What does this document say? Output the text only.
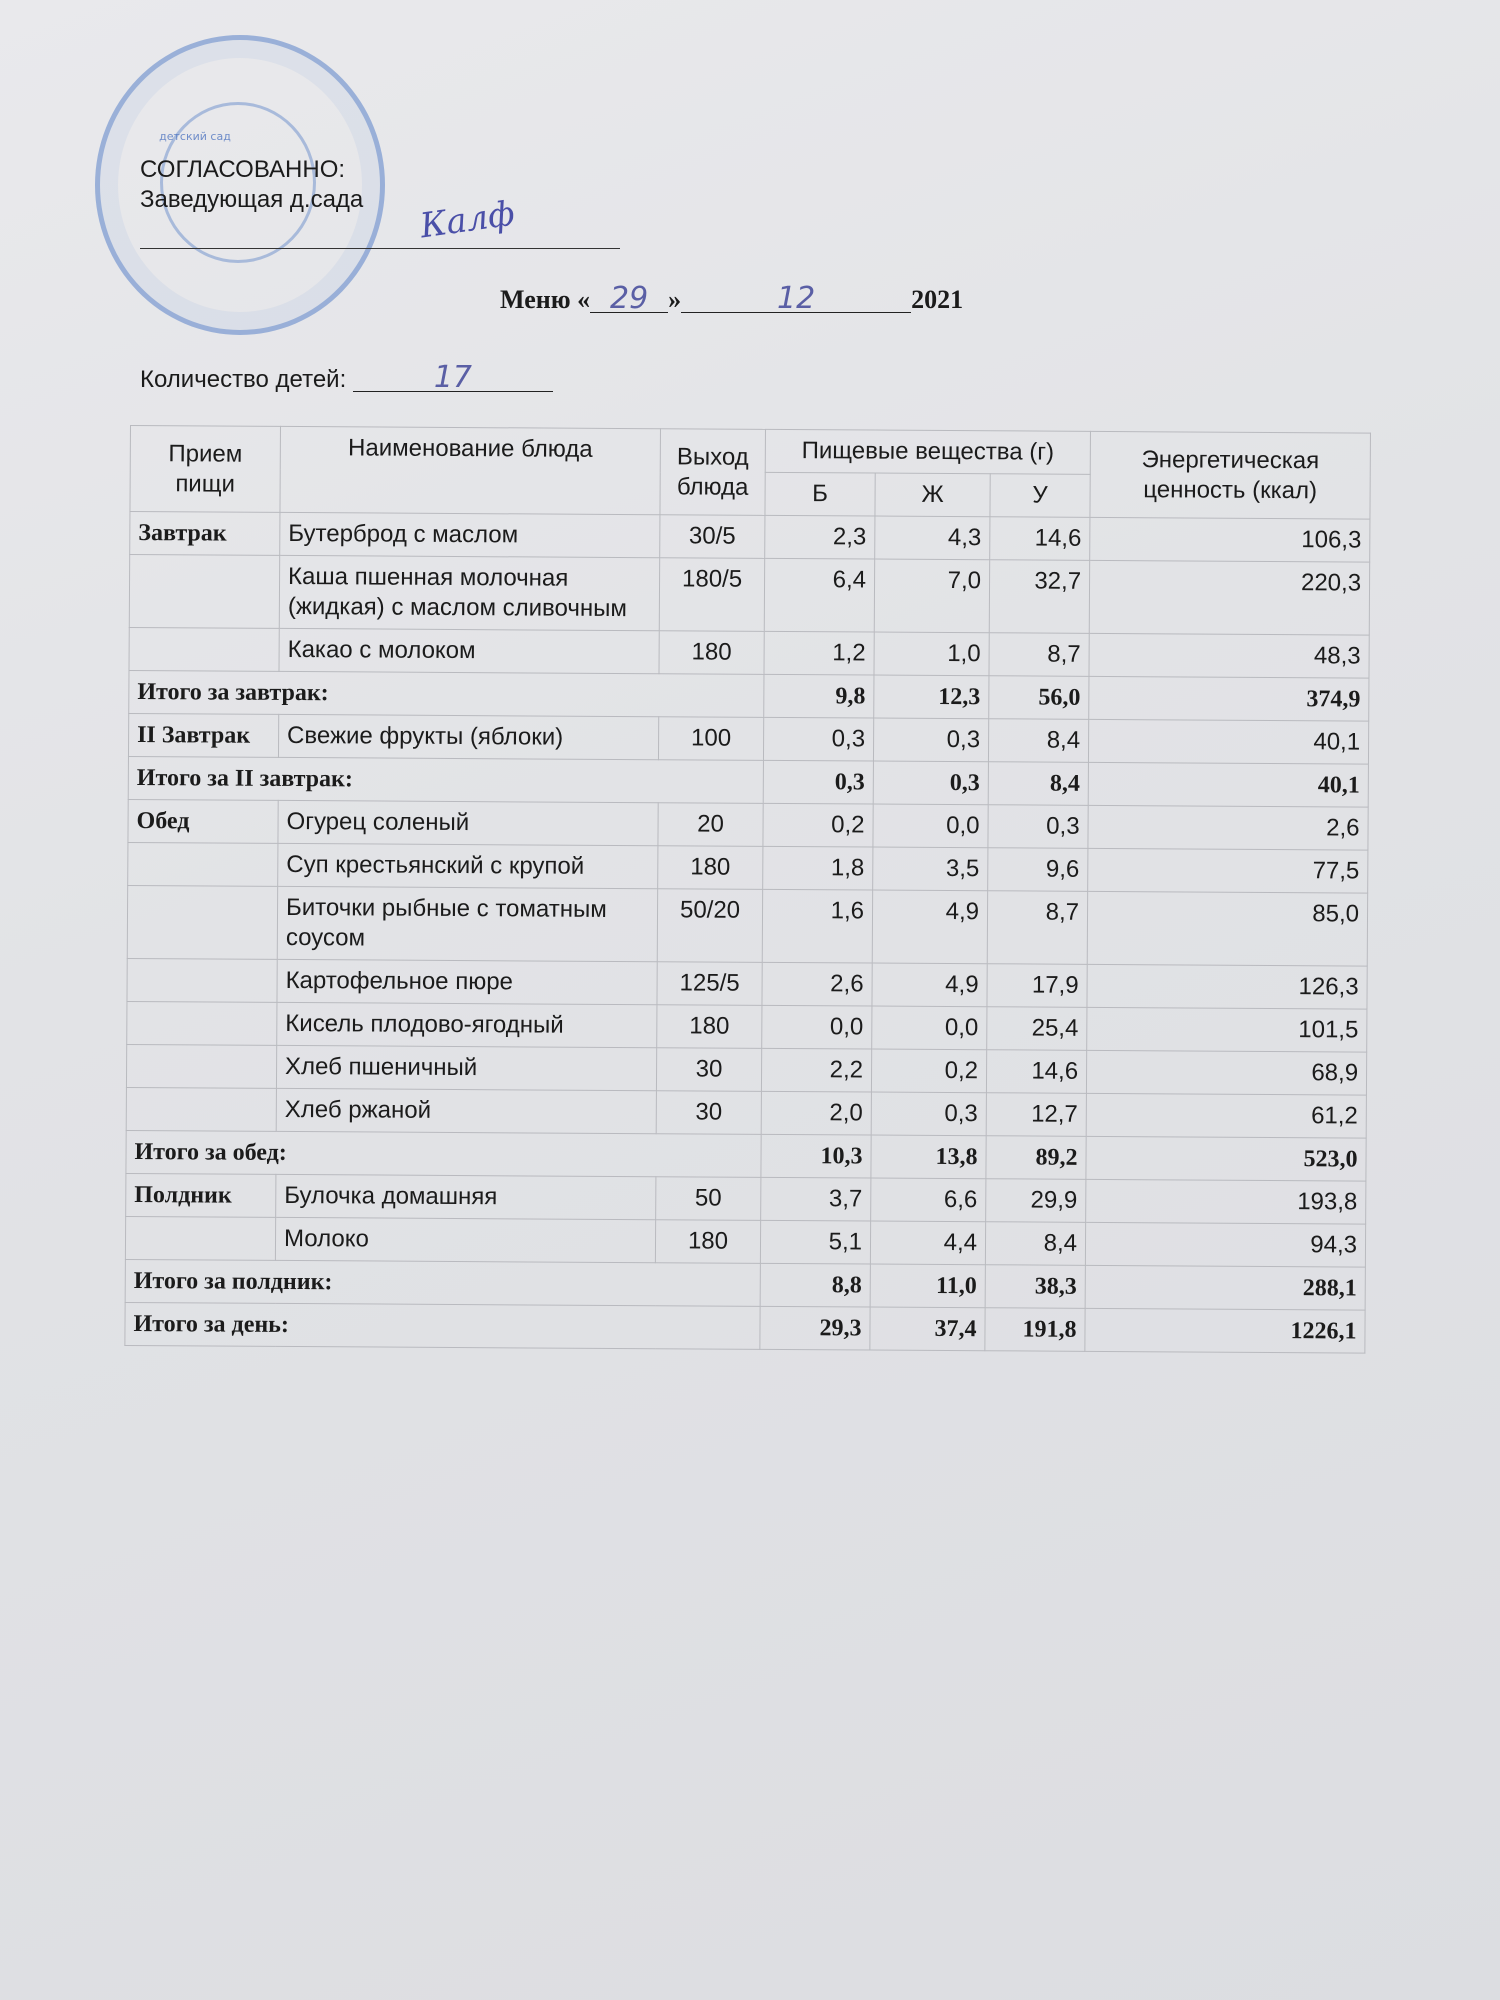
детский сад
СОГЛАСОВАННО:
Заведующая д.сада Калф
Меню « 29 »	12	2021
Количество детей:	17
Прием пищи	Наименование блюда	Выход блюда	Пищевые вещества (г)			Энергетическая ценность (ккал)
			Б	Ж	У	
Завтрак	Бутерброд с маслом	30/5	2,3	4,3	14,6	106,3
	Каша пшенная молочная (жидкая) с маслом сливочным	180/5	6,4	7,0	32,7	220,3
	Какао с молоком	180	1,2	1,0	8,7	48,3
Итого за завтрак:			9,8	12,3	56,0	374,9
II Завтрак	Свежие фрукты (яблоки)	100	0,3	0,3	8,4	40,1
Итого за II завтрак:			0,3	0,3	8,4	40,1
Обед	Огурец соленый	20	0,2	0,0	0,3	2,6
	Суп крестьянский с крупой	180	1,8	3,5	9,6	77,5
	Биточки рыбные с томатным соусом	50/20	1,6	4,9	8,7	85,0
	Картофельное пюре	125/5	2,6	4,9	17,9	126,3
	Кисель плодово-ягодный	180	0,0	0,0	25,4	101,5
	Хлеб пшеничный	30	2,2	0,2	14,6	68,9
	Хлеб ржаной	30	2,0	0,3	12,7	61,2
Итого за обед:			10,3	13,8	89,2	523,0
Полдник	Булочка домашняя	50	3,7	6,6	29,9	193,8
	Молоко	180	5,1	4,4	8,4	94,3
Итого за полдник:			8,8	11,0	38,3	288,1
Итого за день:			29,3	37,4	191,8	1226,1
